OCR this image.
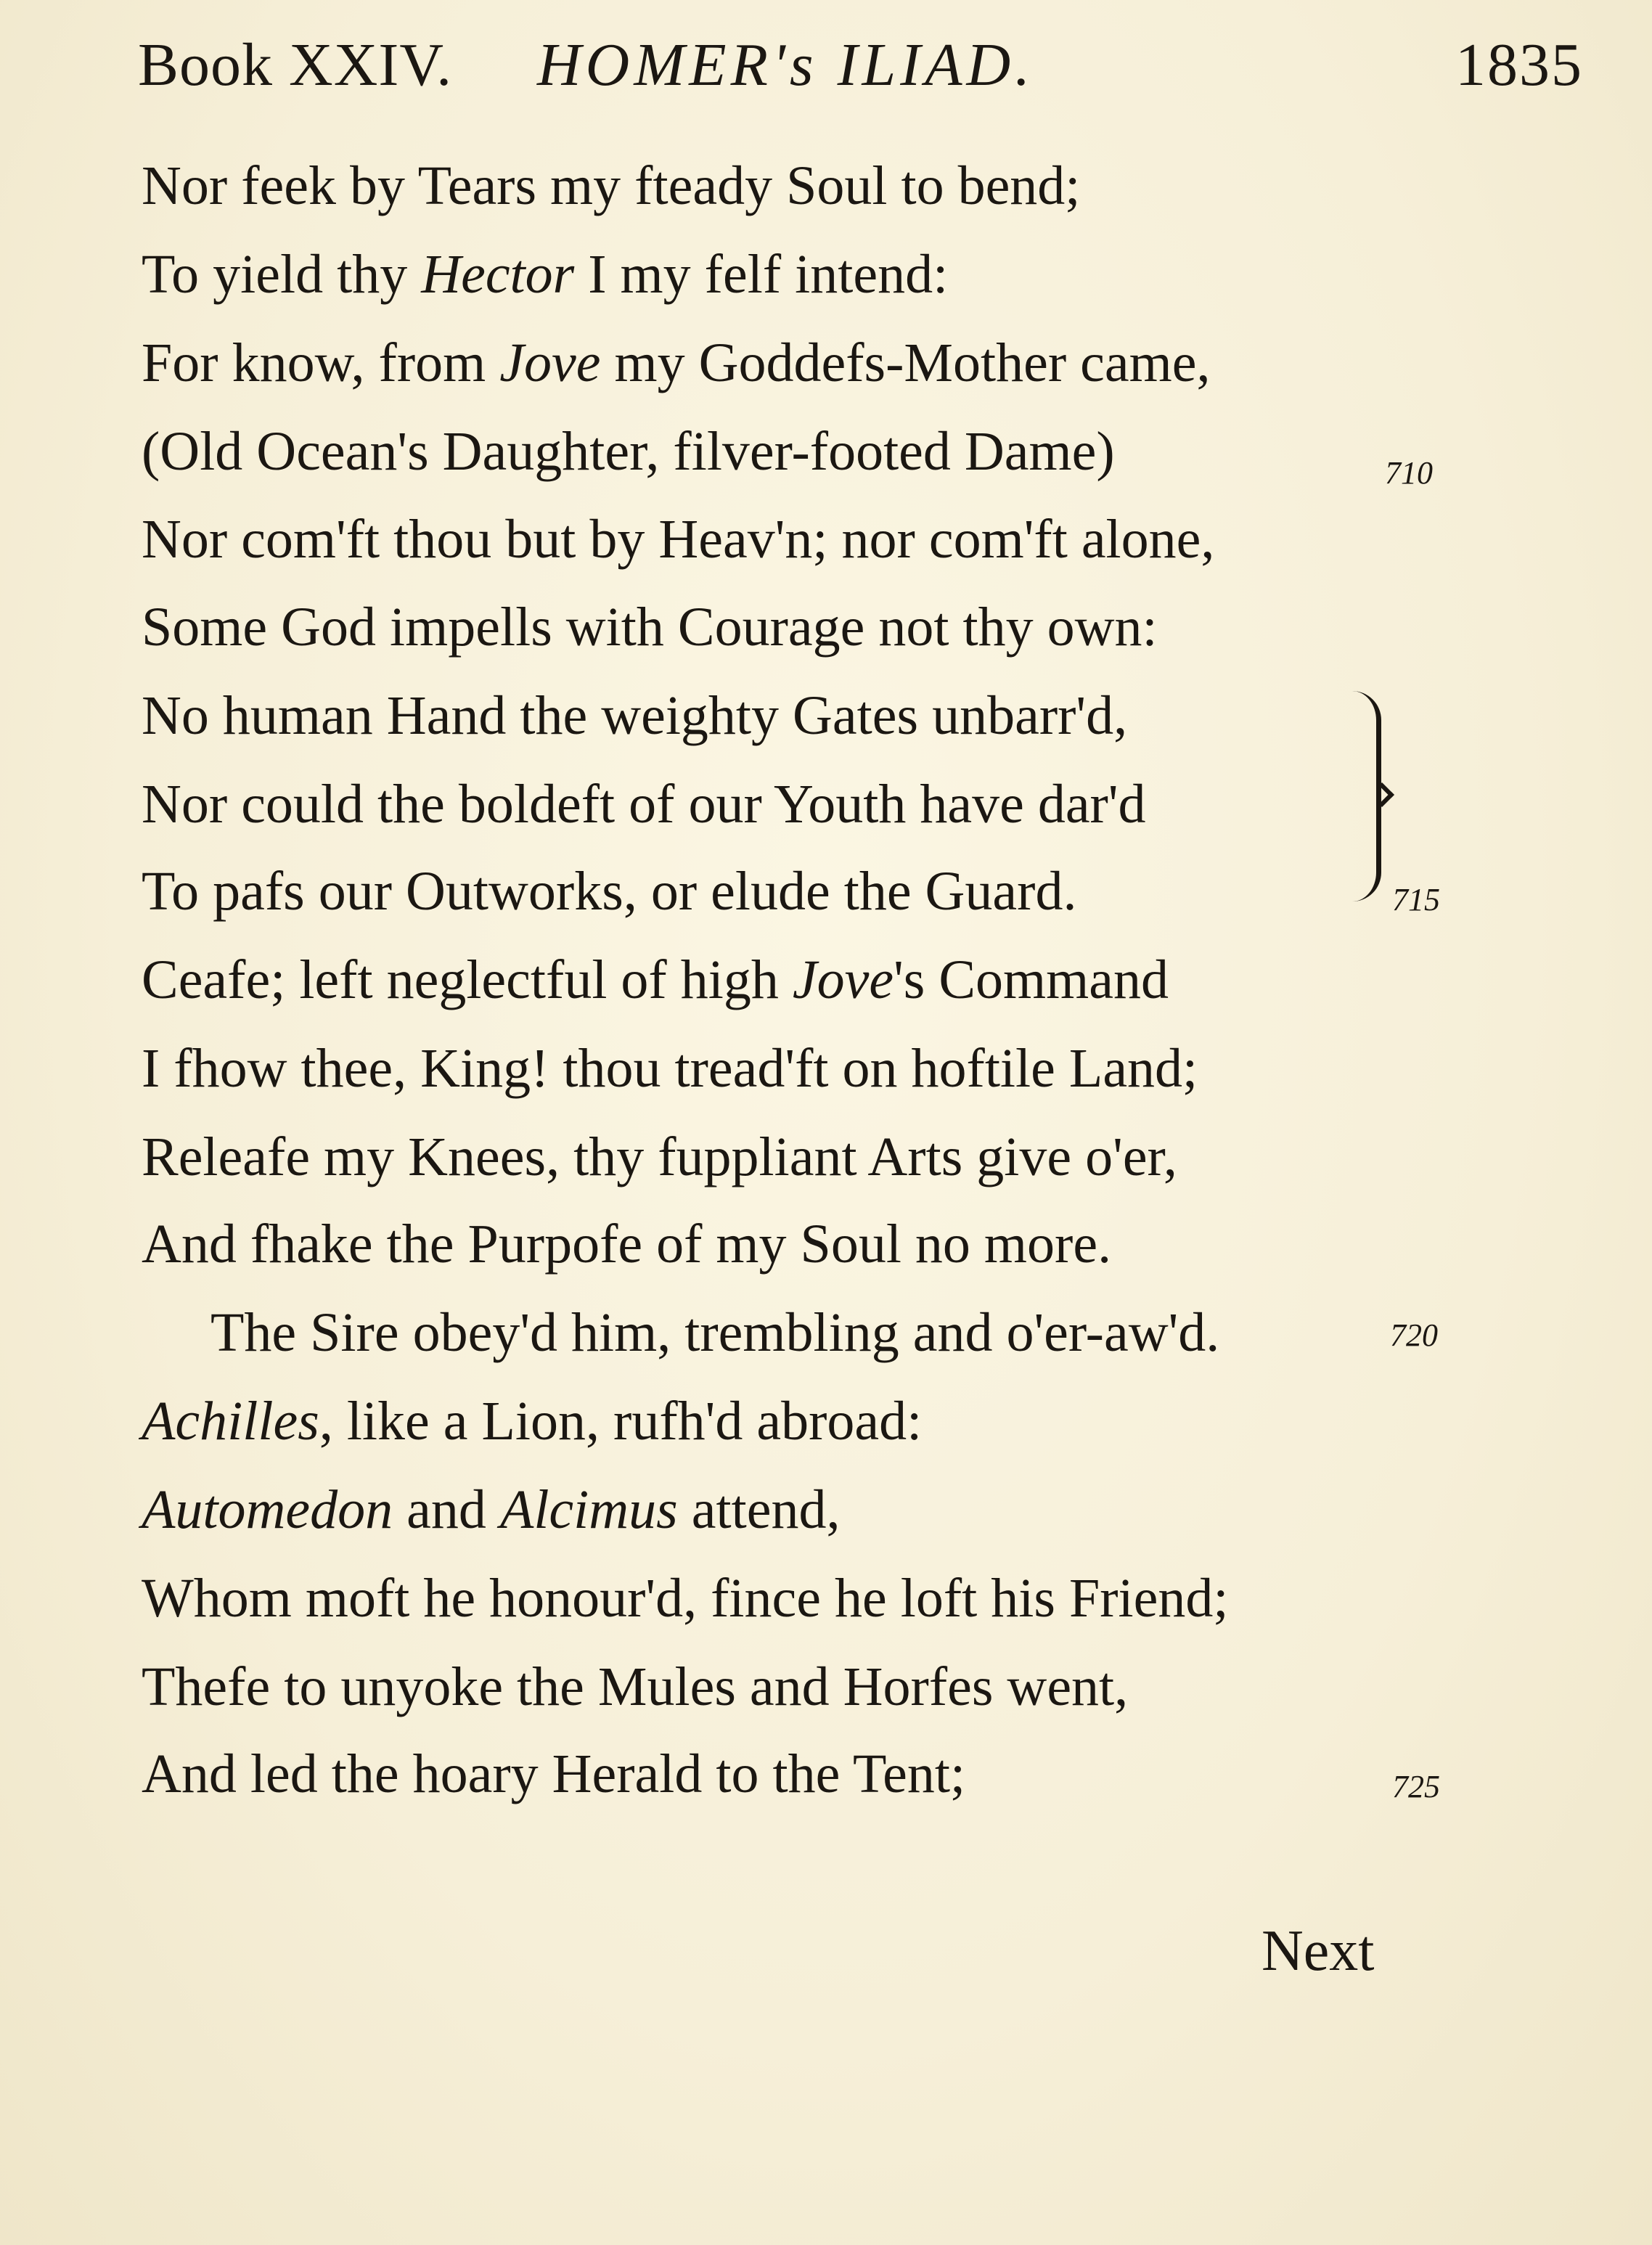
Book XXIV. HOMER's ILIAD.	1835
Nor feek by Tears my fteady Soul to bend;
To yield thy Hector I my felf intend:
For know, from Jove my Goddefs-Mother came,
(Old Ocean's Daughter, filver-footed Dame)
Nor com'ft thou but by Heav'n; nor com'ft alone,
Some God impells with Courage not thy own:
No human Hand the weighty Gates unbarr'd,
Nor could the boldeft of our Youth have dar'd
To pafs our Outworks, or elude the Guard.
Ceafe; left neglectful of high Jove's Command
I fhow thee, King! thou tread'ft on hoftile Land;
Releafe my Knees, thy fuppliant Arts give o'er,
And fhake the Purpofe of my Soul no more.
The Sire obey'd him, trembling and o'er-aw'd.
Achilles, like a Lion, rufh'd abroad:
Automedon and Alcimus attend,
Whom moft he honour'd, fince he loft his Friend;
Thefe to unyoke the Mules and Horfes went,
And led the hoary Herald to the Tent;
710
715
720
725
Next
